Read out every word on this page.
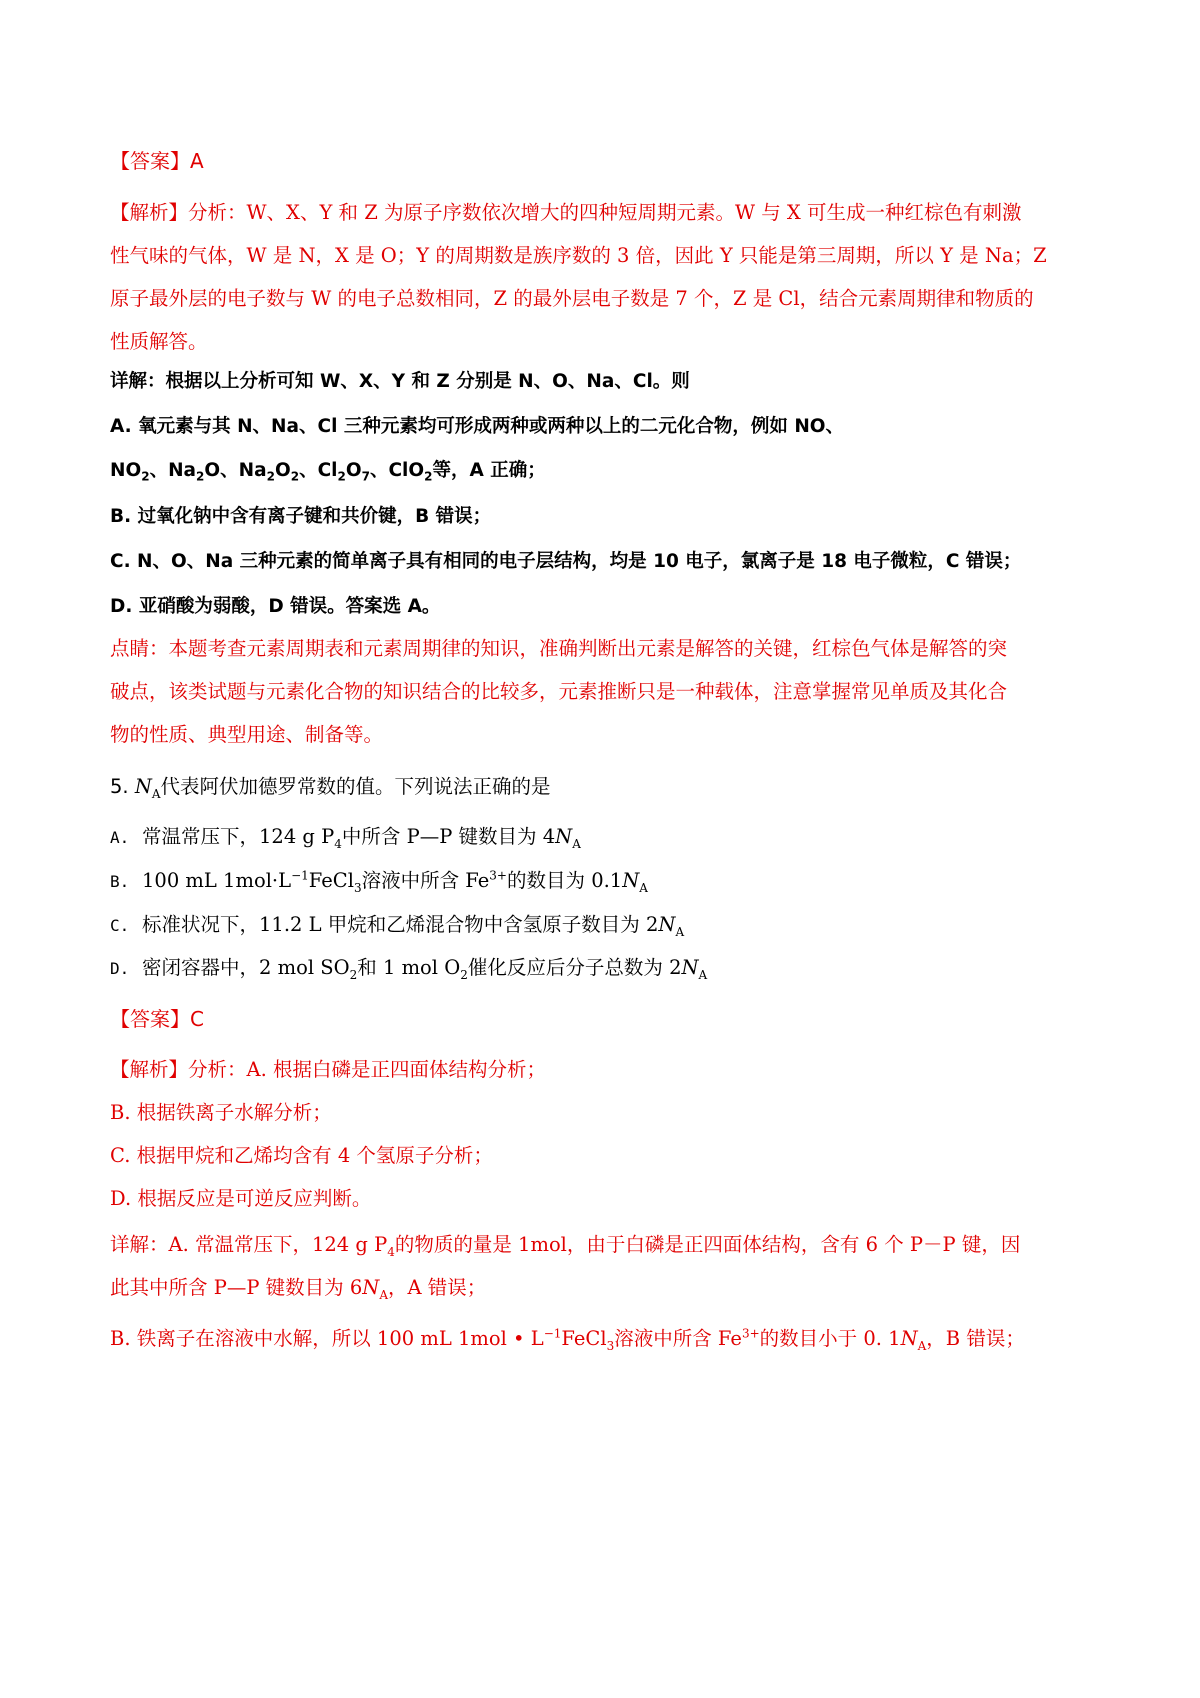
【答案】A
【解析】分析：W、X、Y 和 Z 为原子序数依次增大的四种短周期元素。W 与 X 可生成一种红棕色有刺激
性气味的气体，W 是 N，X 是 O；Y 的周期数是族序数的 3 倍，因此 Y 只能是第三周期，所以 Y 是 Na；Z
原子最外层的电子数与 W 的电子总数相同，Z 的最外层电子数是 7 个，Z 是 Cl，结合元素周期律和物质的
性质解答。
详解：根据以上分析可知 W、X、Y 和 Z 分别是 N、O、Na、Cl。则
A. 氧元素与其 N、Na、Cl 三种元素均可形成两种或两种以上的二元化合物，例如 NO、
$NO_2$、$Na_2O$、$Na_2O_2$、$Cl_2O_7$、ClO$_2$等，A 正确；
B. 过氧化钠中含有离子键和共价键，B 错误；
C. N、O、Na 三种元素的简单离子具有相同的电子层结构，均是 10 电子，氯离子是 18 电子微粒，C 错误；
D. 亚硝酸为弱酸，D 错误。答案选 A。
点睛：本题考查元素周期表和元素周期律的知识，准确判断出元素是解答的关键，红棕色气体是解答的突
破点，该类试题与元素化合物的知识结合的比较多，元素推断只是一种载体，注意掌握常见单质及其化合
物的性质、典型用途、制备等。
5. $N_A$代表阿伏加德罗常数的值。下列说法正确的是
A. 常温常压下，124 g $P_4$中所含 P—P 键数目为 $4N_A$
B. 100 mL $1mol\cdot L^{-1}FeCl_3$溶液中所含 $Fe^{3+}$的数目为 $0.1N_A$
C. 标准状况下，11.2 L 甲烷和乙烯混合物中含氢原子数目为 $2N_A$
D. 密闭容器中，2 mol $SO_2$和 1 mol $O_2$催化反应后分子总数为 $2N_A$
【答案】C
【解析】分析：A. 根据白磷是正四面体结构分析；
B. 根据铁离子水解分析；
C. 根据甲烷和乙烯均含有 4 个氢原子分析；
D. 根据反应是可逆反应判断。
详解：A. 常温常压下，124 g $P_4$的物质的量是 1mol，由于白磷是正四面体结构，含有 6 个 P－P 键，因
此其中所含 P—P 键数目为 $6N_A$，A 错误；
B. 铁离子在溶液中水解，所以 100 mL 1mol • $L^{-1}FeCl_3$溶液中所含 $Fe^{3+}$的数目小于 0. $1N_A$，B 错误；
